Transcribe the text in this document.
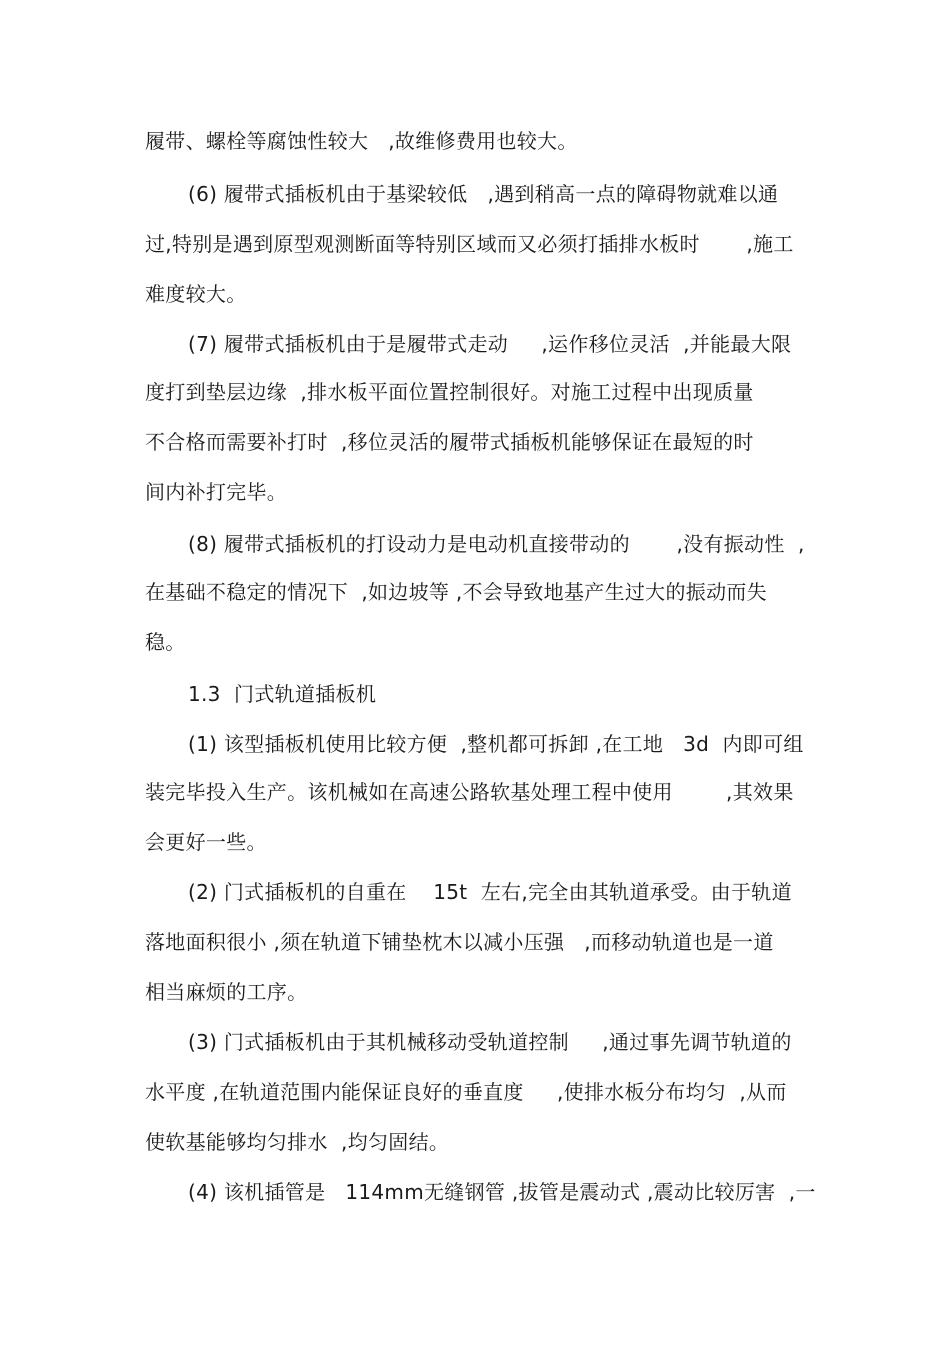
履带、螺栓等腐蚀性较大   ,故维修费用也较大。
(6) 履带式插板机由于基梁较低   ,遇到稍高一点的障碍物就难以通
过,特别是遇到原型观测断面等特别区域而又必须打插排水板时       ,施工
难度较大。
(7) 履带式插板机由于是履带式走动     ,运作移位灵活  ,并能最大限
度打到垫层边缘  ,排水板平面位置控制很好。对施工过程中出现质量
不合格而需要补打时  ,移位灵活的履带式插板机能够保证在最短的时
间内补打完毕。
(8) 履带式插板机的打设动力是电动机直接带动的       ,没有振动性  ,
在基础不稳定的情况下  ,如边坡等 ,不会导致地基产生过大的振动而失
稳。
1.3  门式轨道插板机
(1) 该型插板机使用比较方便  ,整机都可拆卸 ,在工地   3d  内即可组
装完毕投入生产。该机械如在高速公路软基处理工程中使用        ,其效果
会更好一些。
(2) 门式插板机的自重在    15t  左右,完全由其轨道承受。由于轨道
落地面积很小 ,须在轨道下铺垫枕木以减小压强   ,而移动轨道也是一道
相当麻烦的工序。
(3) 门式插板机由于其机械移动受轨道控制     ,通过事先调节轨道的
水平度 ,在轨道范围内能保证良好的垂直度     ,使排水板分布均匀  ,从而
使软基能够均匀排水  ,均匀固结。
(4) 该机插管是   114mm无缝钢管 ,拔管是震动式 ,震动比较厉害  ,一
